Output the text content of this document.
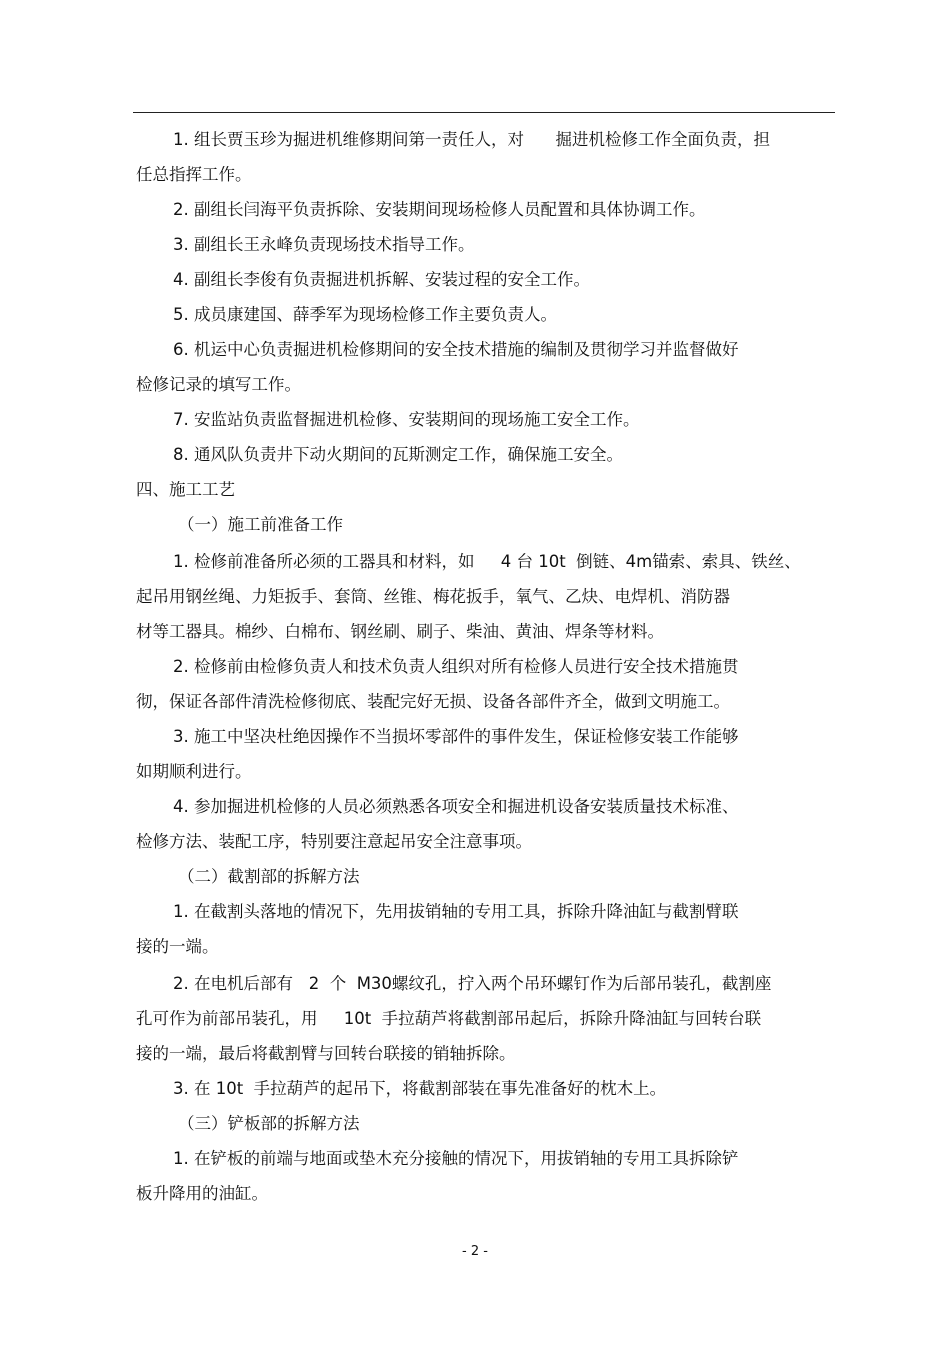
1. 组长贾玉珍为掘进机维修期间第一责任人，对      掘进机检修工作全面负责，担
任总指挥工作。
2. 副组长闫海平负责拆除、安装期间现场检修人员配置和具体协调工作。
3. 副组长王永峰负责现场技术指导工作。
4. 副组长李俊有负责掘进机拆解、安装过程的安全工作。
5. 成员康建国、薛季军为现场检修工作主要负责人。
6. 机运中心负责掘进机检修期间的安全技术措施的编制及贯彻学习并监督做好
检修记录的填写工作。
7. 安监站负责监督掘进机检修、安装期间的现场施工安全工作。
8. 通风队负责井下动火期间的瓦斯测定工作，确保施工安全。
四、施工工艺
（一）施工前准备工作
1. 检修前准备所必须的工器具和材料，如     4 台 10t  倒链、4m锚索、索具、铁丝、
起吊用钢丝绳、力矩扳手、套筒、丝锥、梅花扳手，氧气、乙炔、电焊机、消防器
材等工器具。棉纱、白棉布、钢丝刷、刷子、柴油、黄油、焊条等材料。
2. 检修前由检修负责人和技术负责人组织对所有检修人员进行安全技术措施贯
彻，保证各部件清洗检修彻底、装配完好无损、设备各部件齐全，做到文明施工。
3. 施工中坚决杜绝因操作不当损坏零部件的事件发生，保证检修安装工作能够
如期顺利进行。
4. 参加掘进机检修的人员必须熟悉各项安全和掘进机设备安装质量技术标准、
检修方法、装配工序，特别要注意起吊安全注意事项。
（二）截割部的拆解方法
1. 在截割头落地的情况下，先用拔销轴的专用工具，拆除升降油缸与截割臂联
接的一端。
2. 在电机后部有   2  个  M30螺纹孔，拧入两个吊环螺钉作为后部吊装孔，截割座
孔可作为前部吊装孔，用     10t  手拉葫芦将截割部吊起后，拆除升降油缸与回转台联
接的一端，最后将截割臂与回转台联接的销轴拆除。
3. 在 10t  手拉葫芦的起吊下，将截割部装在事先准备好的枕木上。
（三）铲板部的拆解方法
1. 在铲板的前端与地面或垫木充分接触的情况下，用拔销轴的专用工具拆除铲
板升降用的油缸。
- 2 -
